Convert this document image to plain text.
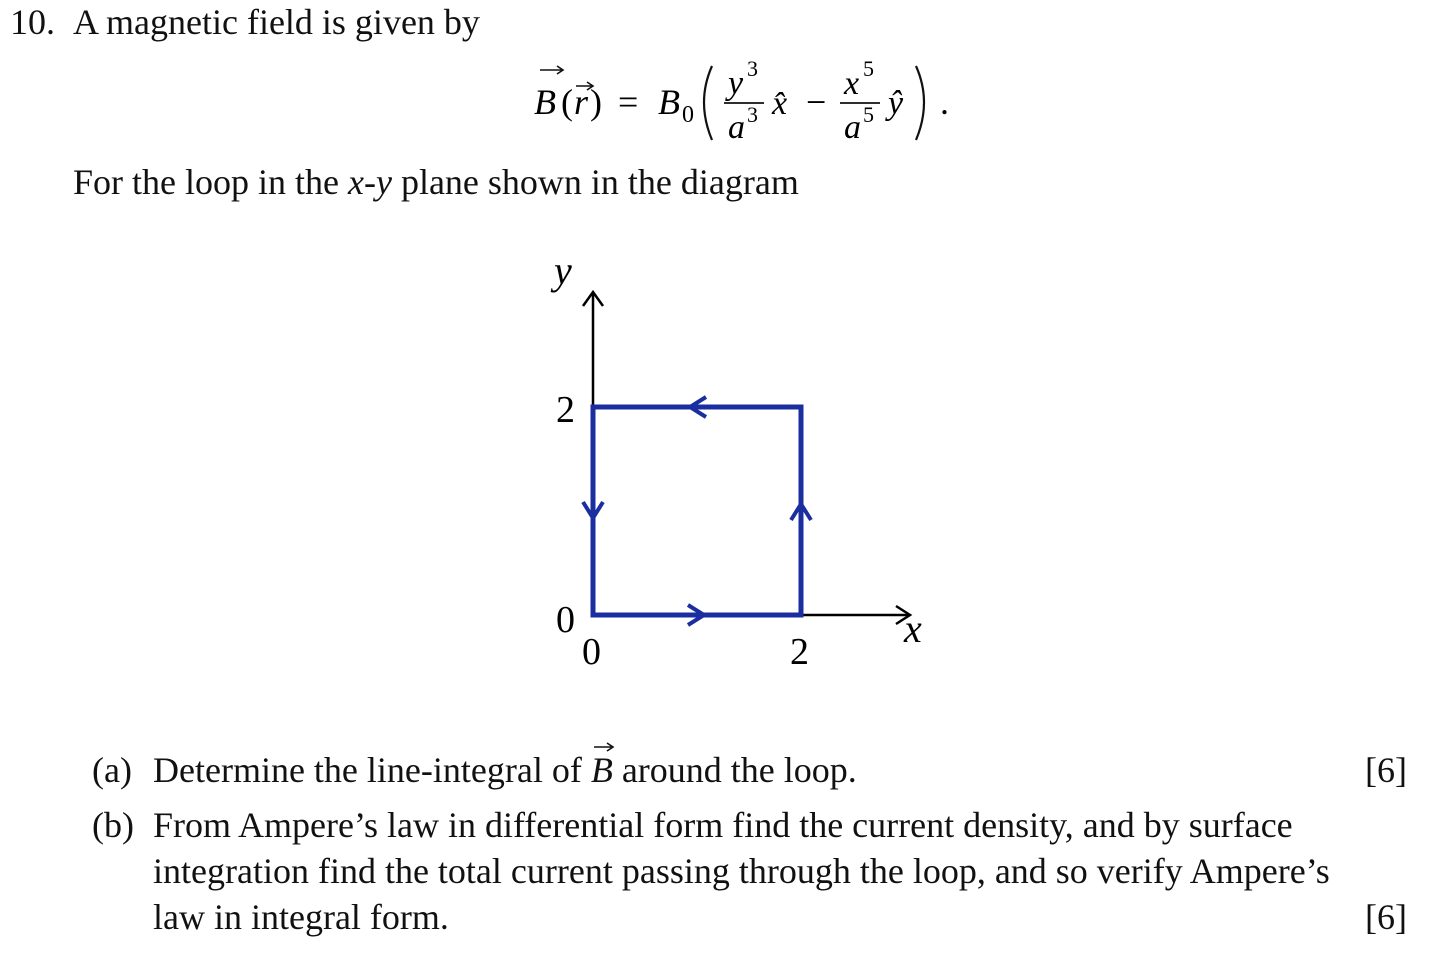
10. A magnetic field is given by
B ( r ) = B 0
y 3
a 3 x̂ − x 5
a 5 ŷ .
For the loop in the x-y plane shown in the diagram
y
x
2
0
0	2
(a) Determine the line-integral of B around the loop.	[6]
(b) From Ampere’s law in differential form find the current density, and by surface
integration find the total current passing through the loop, and so verify Ampere’s
law in integral form.	[6]
